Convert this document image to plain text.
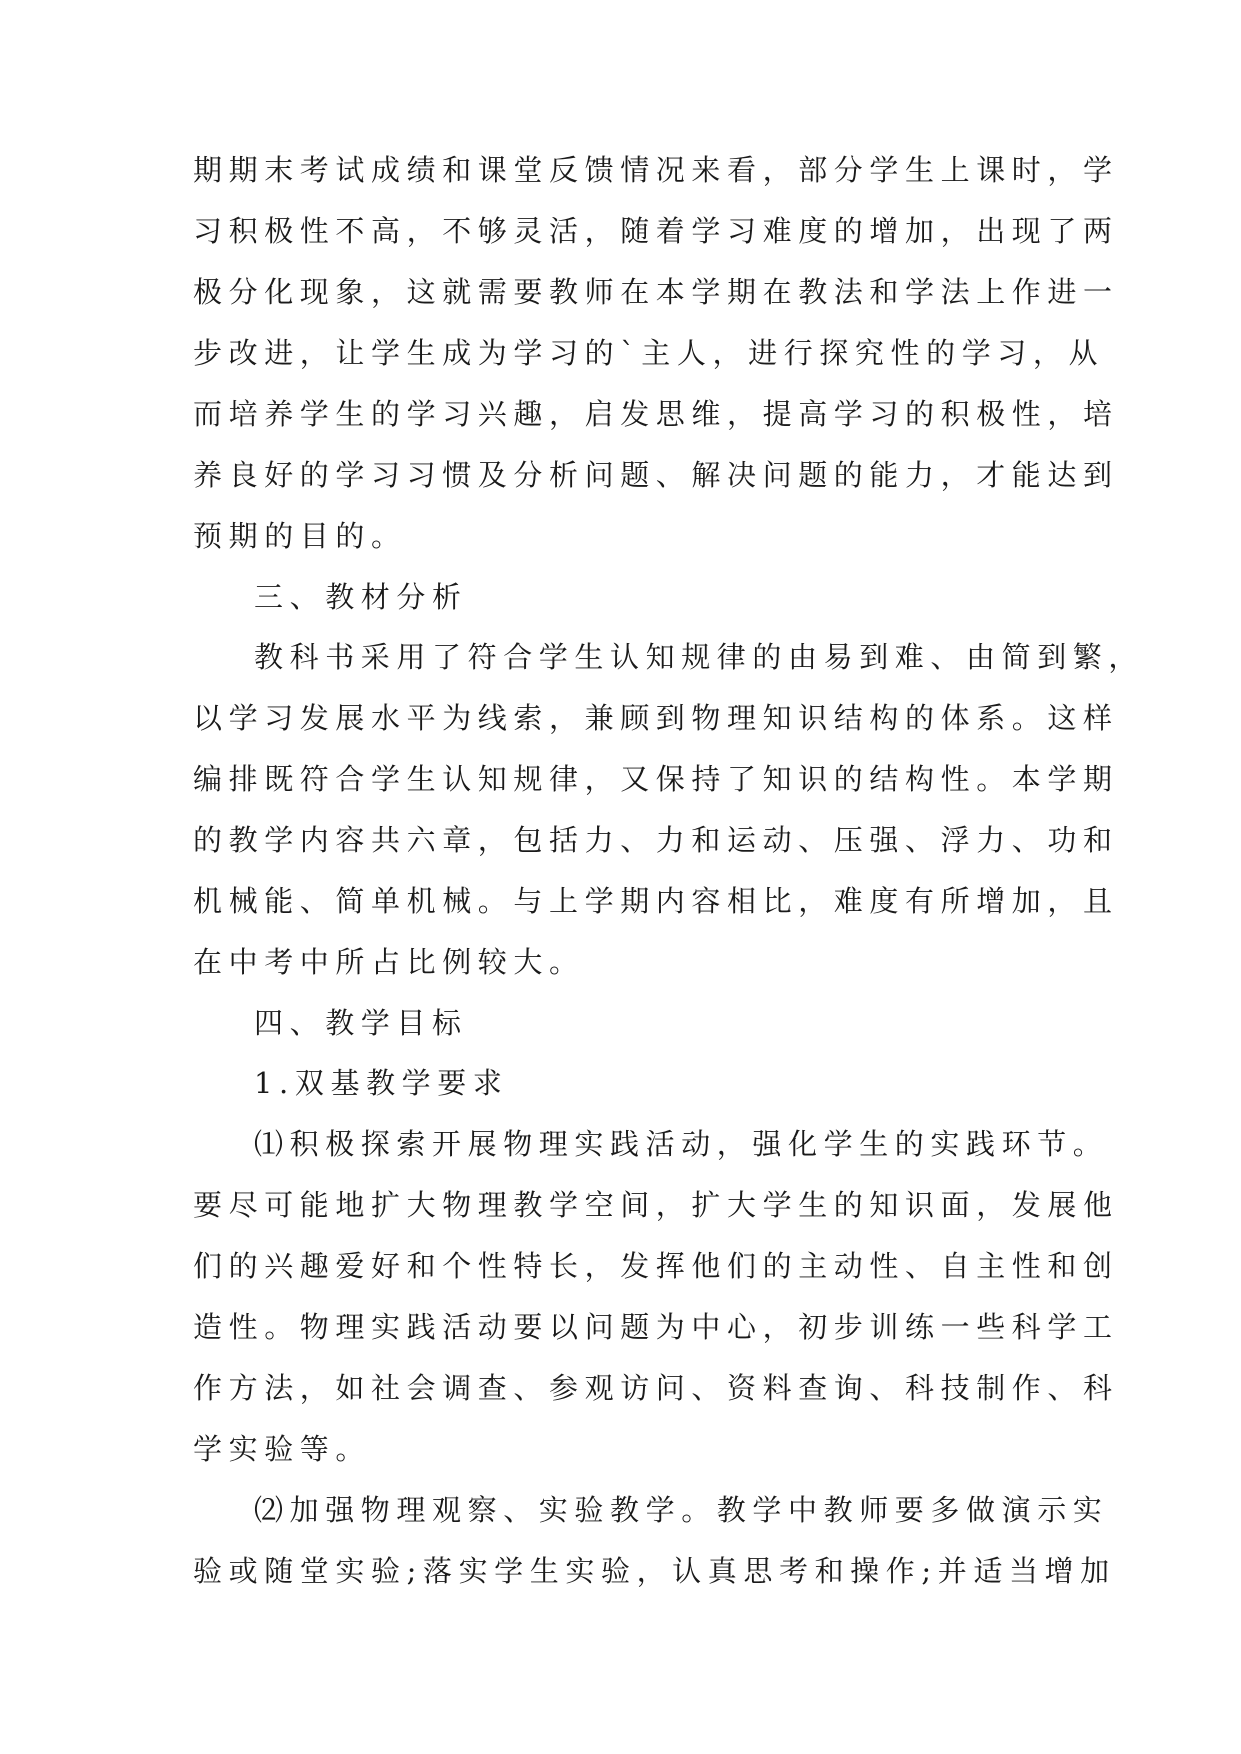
期期末考试成绩和课堂反馈情况来看，部分学生上课时，学
习积极性不高，不够灵活，随着学习难度的增加，出现了两
极分化现象，这就需要教师在本学期在教法和学法上作进一
步改进，让学生成为学习的`主人，进行探究性的学习，从
而培养学生的学习兴趣，启发思维，提高学习的积极性，培
养良好的学习习惯及分析问题、解决问题的能力，才能达到
预期的目的。
三、教材分析
教科书采用了符合学生认知规律的由易到难、由简到繁，
以学习发展水平为线索，兼顾到物理知识结构的体系。这样
编排既符合学生认知规律，又保持了知识的结构性。本学期
的教学内容共六章，包括力、力和运动、压强、浮力、功和
机械能、简单机械。与上学期内容相比，难度有所增加，且
在中考中所占比例较大。
四、教学目标
1.双基教学要求
⑴积极探索开展物理实践活动，强化学生的实践环节。
要尽可能地扩大物理教学空间，扩大学生的知识面，发展他
们的兴趣爱好和个性特长，发挥他们的主动性、自主性和创
造性。物理实践活动要以问题为中心，初步训练一些科学工
作方法，如社会调查、参观访问、资料查询、科技制作、科
学实验等。
⑵加强物理观察、实验教学。教学中教师要多做演示实
验或随堂实验;落实学生实验，认真思考和操作;并适当增加
